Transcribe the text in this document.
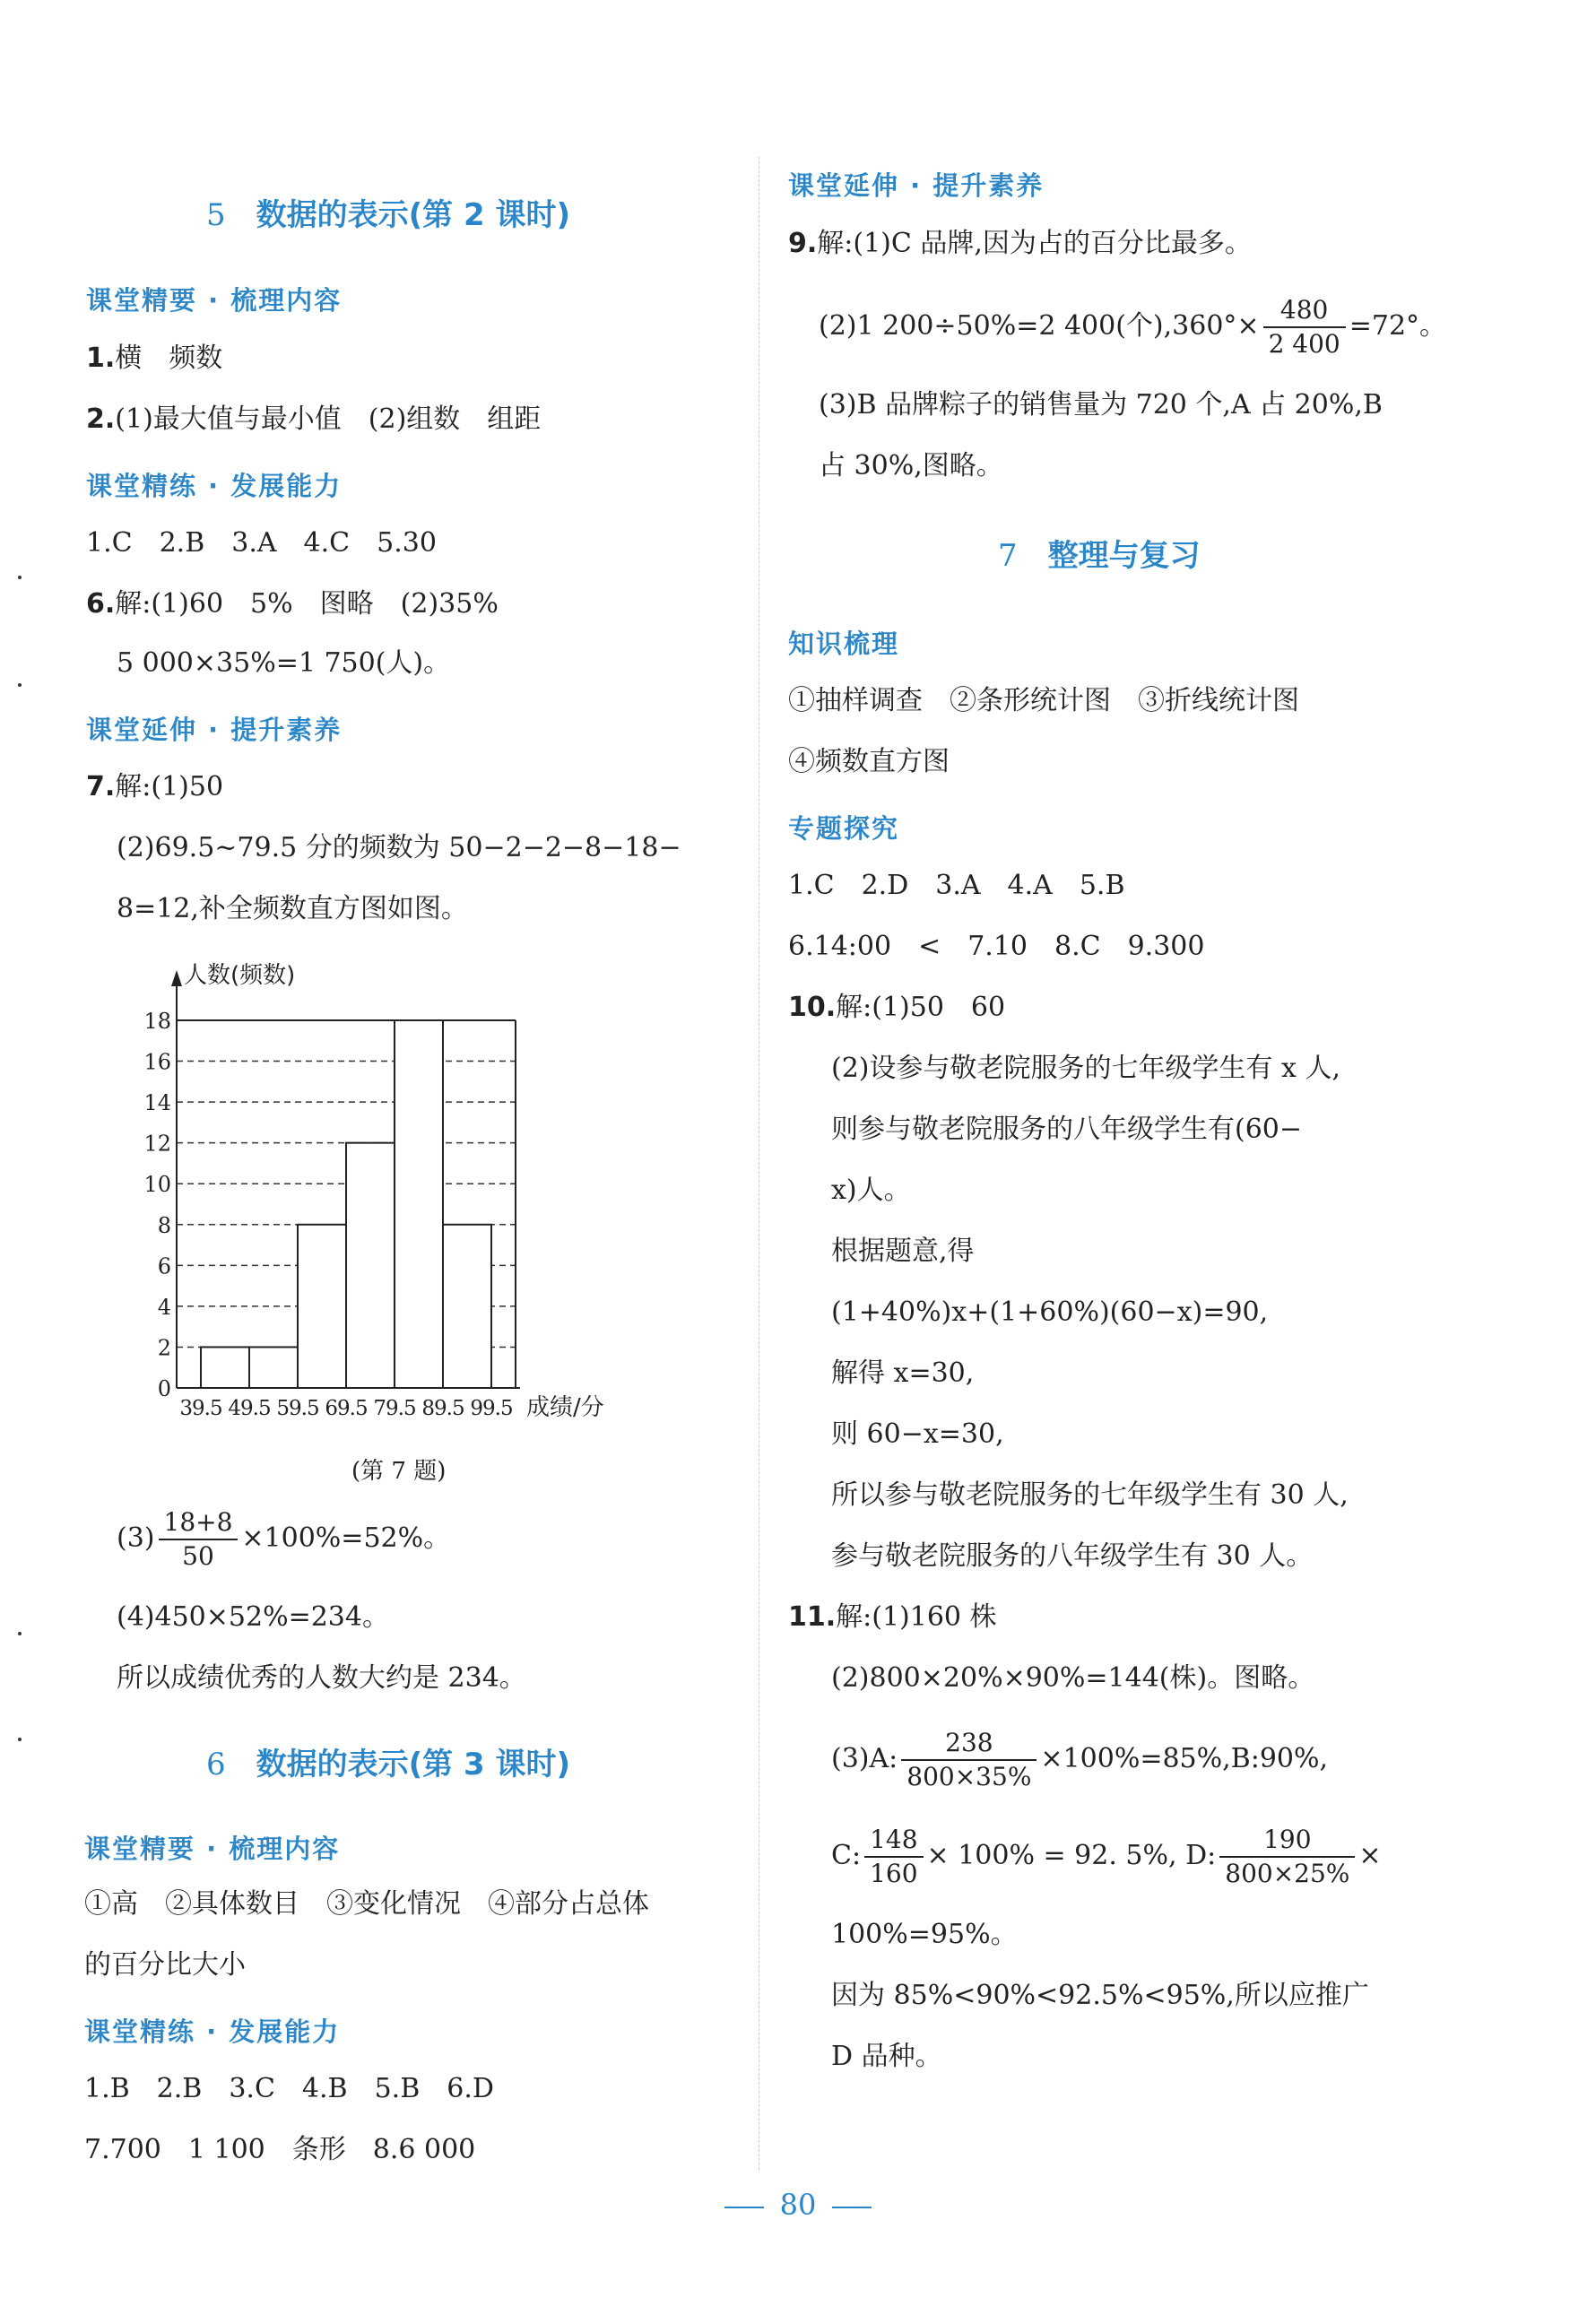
5 数据的表示(第 2 课时)
课堂精要 · 梳理内容
1.横　频数
2.(1)最大值与最小值　(2)组数　组距
课堂精练 · 发展能力
1.C　2.B　3.A　4.C　5.30
6.解:(1)60　5%　图略　(2)35%
5 000×35%=1 750(人)。
课堂延伸 · 提升素养
7.解:(1)50
(2)69.5~79.5 分的频数为 50−2−2−8−18−
8=12,补全频数直方图如图。
0
2
4
6
8
10
12
14
16
18
39.5 49.5 59.5 69.5 79.5 89.5 99.5
人数(频数)
成绩/分
(第 7 题)
$(3) \frac{18+8}{50} \times 100\%=52\%$。
(4)450×52%=234。
所以成绩优秀的人数大约是 234。
6 数据的表示(第 3 课时)
课堂精要 · 梳理内容
①高　②具体数目　③变化情况　④部分占总体
的百分比大小
课堂精练 · 发展能力
1.B　2.B　3.C　4.B　5.B　6.D
7.700　1 100　条形　8.6 000
课堂延伸 · 提升素养
9.解:(1)C 品牌,因为占的百分比最多。
(2)1 200÷50%=2 400(个)$,360^\circ\times \frac{480}{2 400} =72^\circ$。
(3)B 品牌粽子的销售量为 720 个,A 占 20%,B
占 30%,图略。
7 整理与复习
知识梳理
①抽样调查　②条形统计图　③折线统计图
④频数直方图
专题探究
1.C　2.D　3.A　4.A　5.B
6.14:00　<　7.10　8.C　9.300
10.解:(1)50　60
(2)设参与敬老院服务的七年级学生有 x 人,
则参与敬老院服务的八年级学生有(60−
x)人。
根据题意,得
(1+40%)x+(1+60%)(60−x)=90,
解得 x=30,
则 60−x=30,
所以参与敬老院服务的七年级学生有 30 人,
参与敬老院服务的八年级学生有 30 人。
11.解:(1)160 株
(2)800×20%×90%=144(株)。图略。
(3)A: $\frac{238}{800\times 35\%}$ ×100%=85%,B:90%,
C: $\frac{148}{160} \times 100\% = 92$. 5%, D: $\frac{190}{800\times 25\%}$ ×
100%=95%。
因为 85%<90%<92.5%<95%,所以应推广
D 品种。
80
